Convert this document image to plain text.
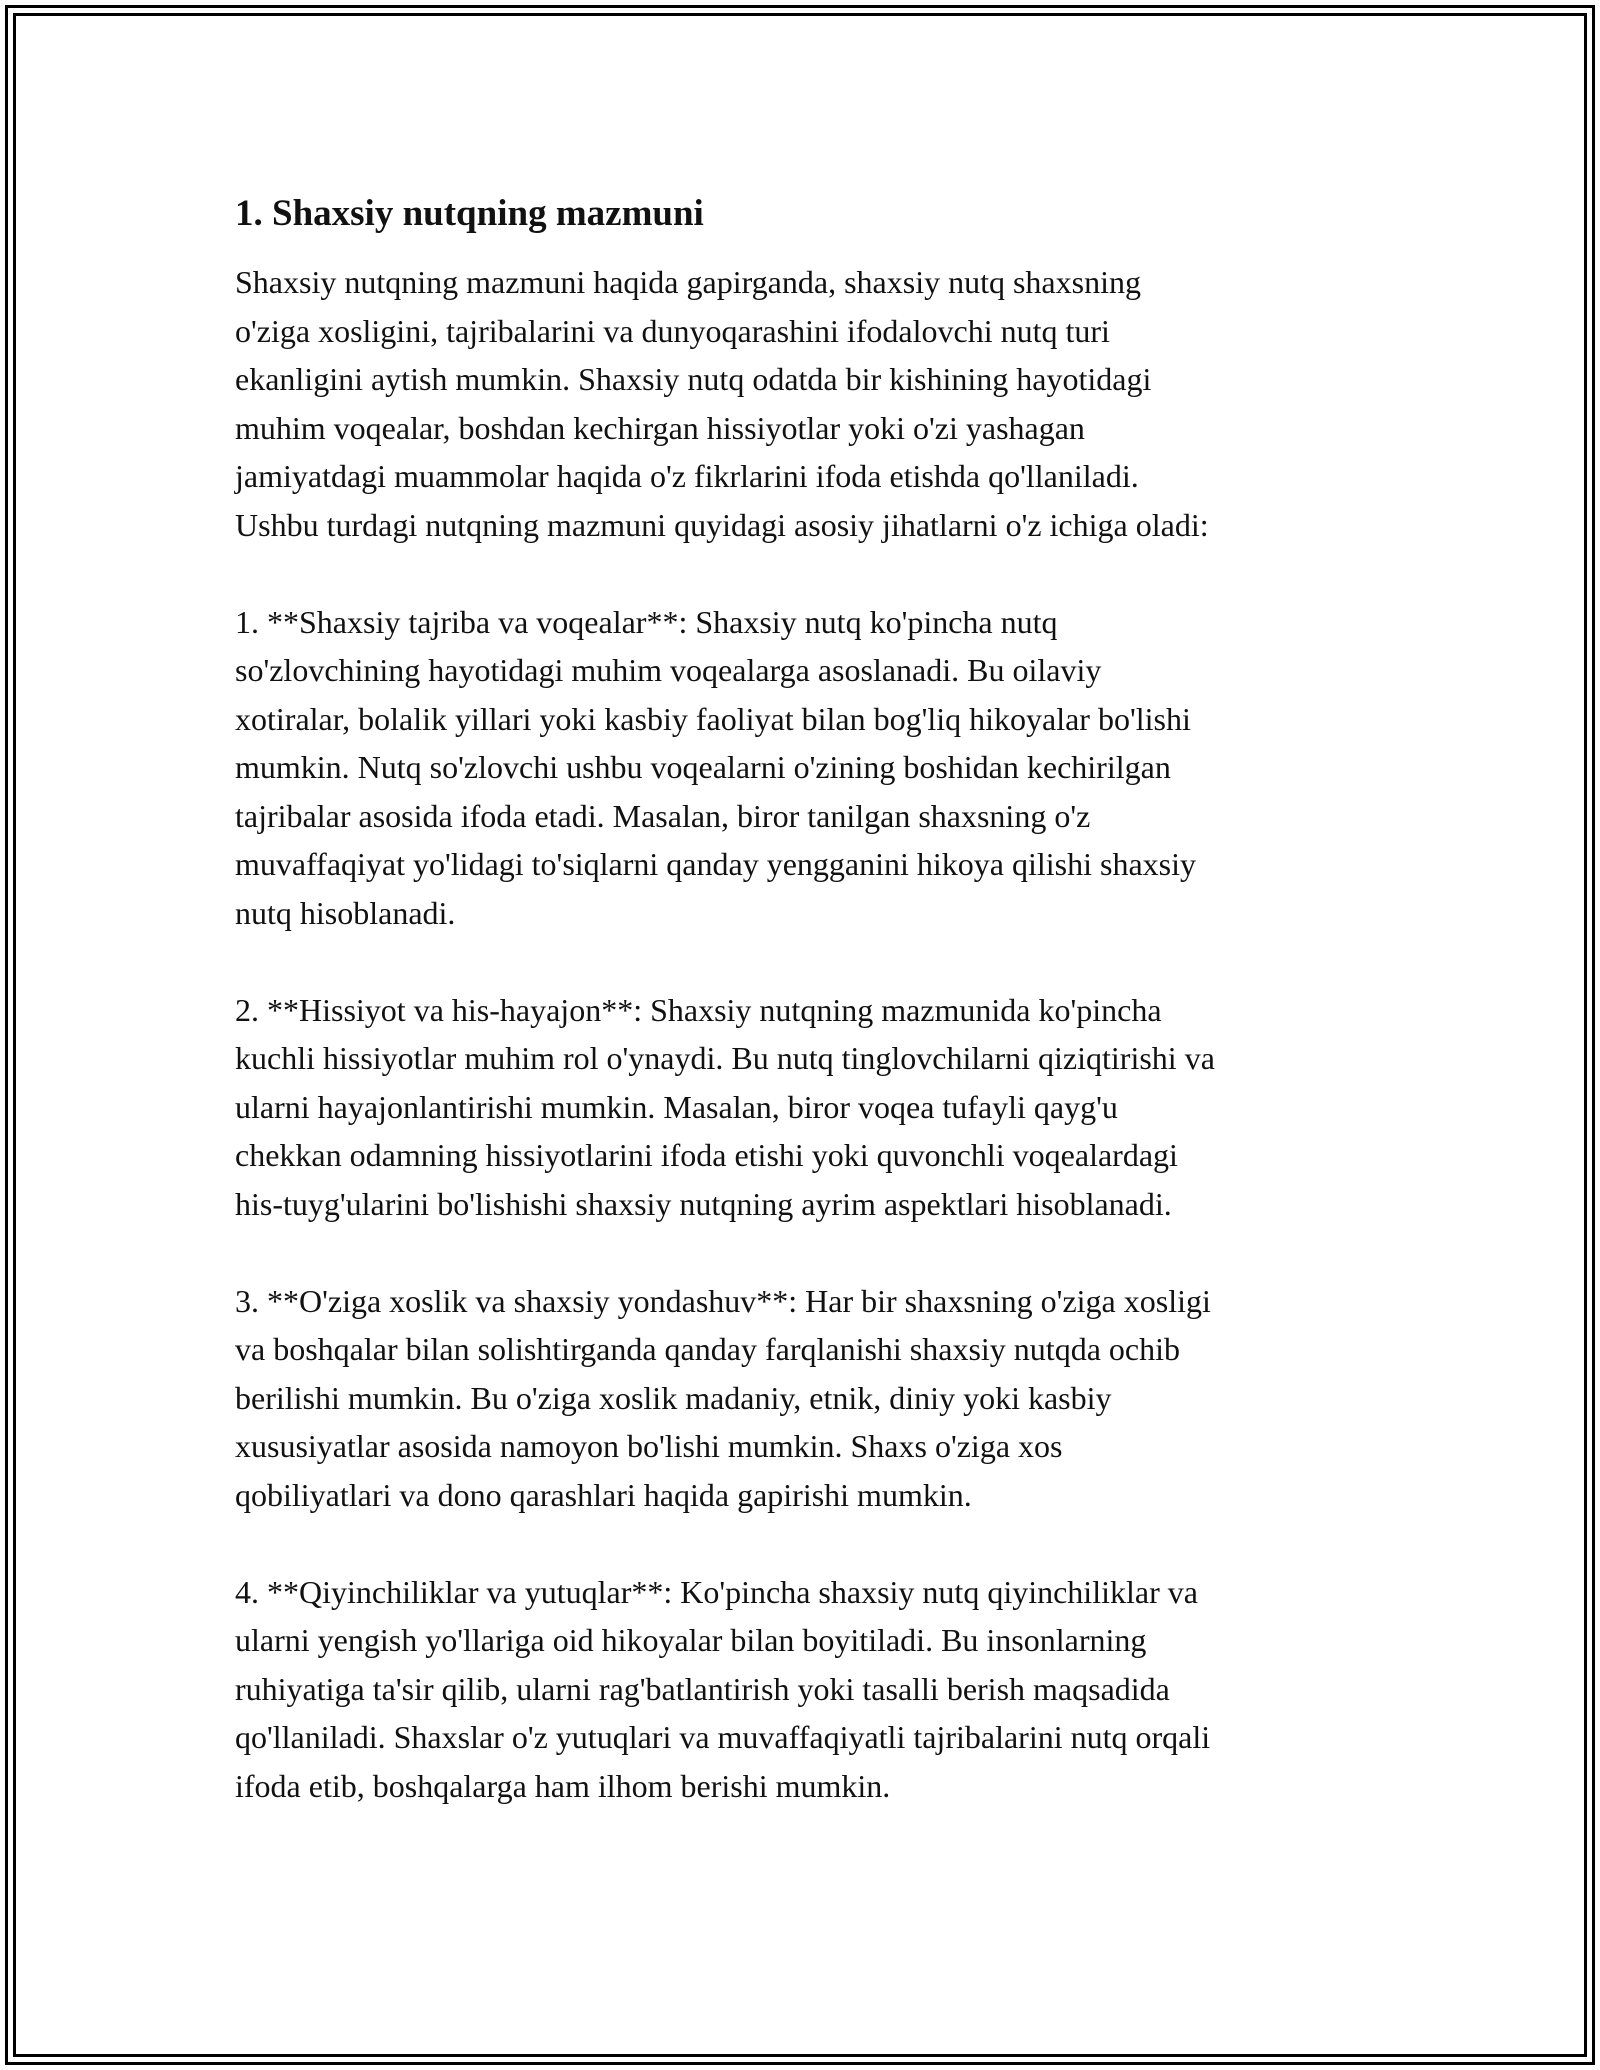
1. Shaxsiy nutqning mazmuni

Shaxsiy nutqning mazmuni haqida gapirganda, shaxsiy nutq shaxsning
o'ziga xosligini, tajribalarini va dunyoqarashini ifodalovchi nutq turi
ekanligini aytish mumkin. Shaxsiy nutq odatda bir kishining hayotidagi
muhim voqealar, boshdan kechirgan hissiyotlar yoki o'zi yashagan
jamiyatdagi muammolar haqida o'z fikrlarini ifoda etishda qo'llaniladi.
Ushbu turdagi nutqning mazmuni quyidagi asosiy jihatlarni o'z ichiga oladi:

1. **Shaxsiy tajriba va voqealar**: Shaxsiy nutq ko'pincha nutq
so'zlovchining hayotidagi muhim voqealarga asoslanadi. Bu oilaviy
xotiralar, bolalik yillari yoki kasbiy faoliyat bilan bog'liq hikoyalar bo'lishi
mumkin. Nutq so'zlovchi ushbu voqealarni o'zining boshidan kechirilgan
tajribalar asosida ifoda etadi. Masalan, biror tanilgan shaxsning o'z
muvaffaqiyat yo'lidagi to'siqlarni qanday yengganini hikoya qilishi shaxsiy
nutq hisoblanadi.

2. **Hissiyot va his-hayajon**: Shaxsiy nutqning mazmunida ko'pincha
kuchli hissiyotlar muhim rol o'ynaydi. Bu nutq tinglovchilarni qiziqtirishi va
ularni hayajonlantirishi mumkin. Masalan, biror voqea tufayli qayg'u
chekkan odamning hissiyotlarini ifoda etishi yoki quvonchli voqealardagi
his-tuyg'ularini bo'lishishi shaxsiy nutqning ayrim aspektlari hisoblanadi.

3. **O'ziga xoslik va shaxsiy yondashuv**: Har bir shaxsning o'ziga xosligi
va boshqalar bilan solishtirganda qanday farqlanishi shaxsiy nutqda ochib
berilishi mumkin. Bu o'ziga xoslik madaniy, etnik, diniy yoki kasbiy
xususiyatlar asosida namoyon bo'lishi mumkin. Shaxs o'ziga xos
qobiliyatlari va dono qarashlari haqida gapirishi mumkin.

4. **Qiyinchiliklar va yutuqlar**: Ko'pincha shaxsiy nutq qiyinchiliklar va
ularni yengish yo'llariga oid hikoyalar bilan boyitiladi. Bu insonlarning
ruhiyatiga ta'sir qilib, ularni rag'batlantirish yoki tasalli berish maqsadida
qo'llaniladi. Shaxslar o'z yutuqlari va muvaffaqiyatli tajribalarini nutq orqali
ifoda etib, boshqalarga ham ilhom berishi mumkin.
